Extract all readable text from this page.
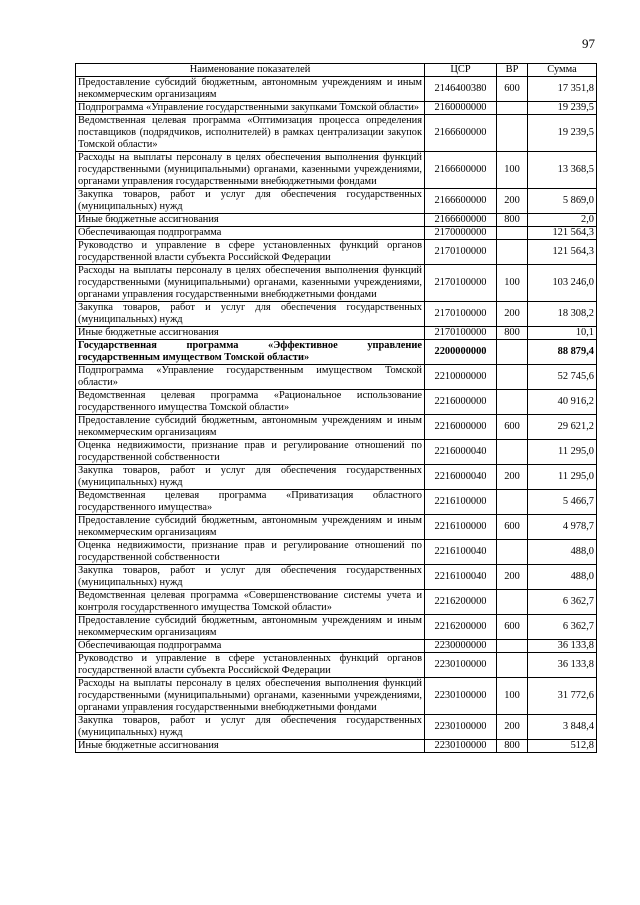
97
Наименование показателей	ЦСР	ВР	Сумма
Предоставление субсидий бюджетным, автономным учреждениям и иным некоммерческим организациям	2146400380	600	17 351,8
Подпрограмма «Управление государственными закупками Томской области»	2160000000		19 239,5
Ведомственная целевая программа «Оптимизация процесса определения поставщиков (подрядчиков, исполнителей) в рамках централизации закупок Томской области»	2166600000		19 239,5
Расходы на выплаты персоналу в целях обеспечения выполнения функций государственными (муниципальными) органами, казенными учреждениями, органами управления государственными внебюджетными фондами	2166600000	100	13 368,5
Закупка товаров, работ и услуг для обеспечения государственных (муниципальных) нужд	2166600000	200	5 869,0
Иные бюджетные ассигнования	2166600000	800	2,0
Обеспечивающая подпрограмма	2170000000		121 564,3
Руководство и управление в сфере установленных функций органов государственной власти субъекта Российской Федерации	2170100000		121 564,3
Расходы на выплаты персоналу в целях обеспечения выполнения функций государственными (муниципальными) органами, казенными учреждениями, органами управления государственными внебюджетными фондами	2170100000	100	103 246,0
Закупка товаров, работ и услуг для обеспечения государственных (муниципальных) нужд	2170100000	200	18 308,2
Иные бюджетные ассигнования	2170100000	800	10,1
Государственная программа «Эффективное управление государственным имуществом Томской области»	2200000000		88 879,4
Подпрограмма «Управление государственным имуществом Томской области»	2210000000		52 745,6
Ведомственная целевая программа «Рациональное использование государственного имущества Томской области»	2216000000		40 916,2
Предоставление субсидий бюджетным, автономным учреждениям и иным некоммерческим организациям	2216000000	600	29 621,2
Оценка недвижимости, признание прав и регулирование отношений по государственной собственности	2216000040		11 295,0
Закупка товаров, работ и услуг для обеспечения государственных (муниципальных) нужд	2216000040	200	11 295,0
Ведомственная целевая программа «Приватизация областного государственного имущества»	2216100000		5 466,7
Предоставление субсидий бюджетным, автономным учреждениям и иным некоммерческим организациям	2216100000	600	4 978,7
Оценка недвижимости, признание прав и регулирование отношений по государственной собственности	2216100040		488,0
Закупка товаров, работ и услуг для обеспечения государственных (муниципальных) нужд	2216100040	200	488,0
Ведомственная целевая программа «Совершенствование системы учета и контроля государственного имущества Томской области»	2216200000		6 362,7
Предоставление субсидий бюджетным, автономным учреждениям и иным некоммерческим организациям	2216200000	600	6 362,7
Обеспечивающая подпрограмма	2230000000		36 133,8
Руководство и управление в сфере установленных функций органов государственной власти субъекта Российской Федерации	2230100000		36 133,8
Расходы на выплаты персоналу в целях обеспечения выполнения функций государственными (муниципальными) органами, казенными учреждениями, органами управления государственными внебюджетными фондами	2230100000	100	31 772,6
Закупка товаров, работ и услуг для обеспечения государственных (муниципальных) нужд	2230100000	200	3 848,4
Иные бюджетные ассигнования	2230100000	800	512,8
